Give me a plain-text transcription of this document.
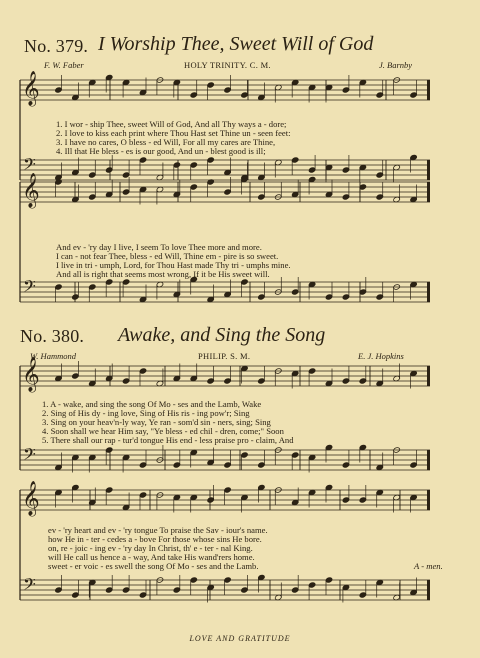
No. 379. I Worship Thee, Sweet Will of God
F. W. Faber	HOLY TRINITY. C. M.	J. Barnby
No. 380. Awake, and Sing the Song
W. Hammond	PHILIP. S. M.	E. J. Hopkins
𝄞
𝄢
𝄞
𝄢
𝄞
𝄢
𝄞
𝄢
1. I wor - ship Thee, sweet Will of God, And all Thy ways a - dore;
2. I love to kiss each print where Thou Hast set Thine un - seen feet:
3. I have no cares, O bless - ed Will, For all my cares are Thine,
4. Ill that He bless - es is our good, And un - blest good is ill;
And ev - 'ry day I live, I seem To love Thee more and more.
I can - not fear Thee, bless - ed Will, Thine em - pire is so sweet.
I live in tri - umph, Lord, for Thou Hast made Thy tri - umphs mine.
And all is right that seems most wrong, If it be His sweet will.
1. A - wake, and sing the song Of Mo - ses and the Lamb, Wake
2. Sing of His dy - ing love, Sing of His ris - ing pow'r; Sing
3. Sing on your heav'n-ly way, Ye ran - som'd sin - ners, sing; Sing
4. Soon shall we hear Him say, "Ye bless - ed chil - dren, come;" Soon
5. There shall our rap - tur'd tongue His end - less praise pro - claim, And
ev - 'ry heart and ev - 'ry tongue To praise the Sav - iour's name.
how He in - ter - cedes a - bove For those whose sins He bore.
on, re - joic - ing ev - 'ry day In Christ, th' e - ter - nal King.
will He call us hence a - way, And take His wand'rers home.
sweet - er voic - es swell the song Of Mo - ses and the Lamb.	A - men.
LOVE AND GRATITUDE
